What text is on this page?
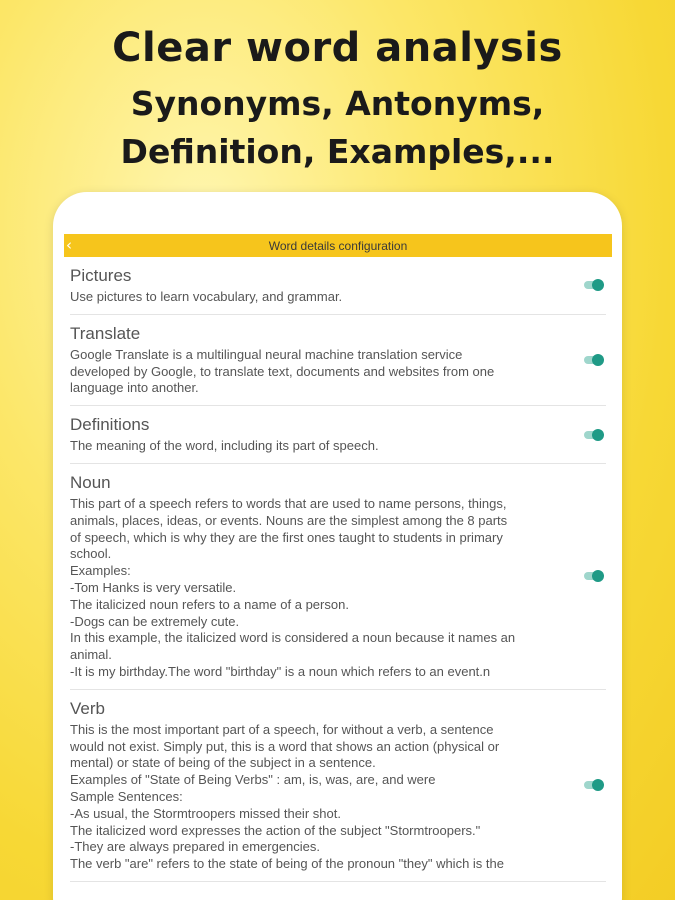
Clear word analysis
Synonyms, Antonyms,
Definition, Examples,...
‹	Word details configuration
Pictures
Use pictures to learn vocabulary, and grammar.
Translate
Google Translate is a multilingual neural machine translation service
developed by Google, to translate text, documents and websites from one
language into another.
Definitions
The meaning of the word, including its part of speech.
Noun
This part of a speech refers to words that are used to name persons, things,
animals, places, ideas, or events. Nouns are the simplest among the 8 parts
of speech, which is why they are the first ones taught to students in primary
school.
Examples:
-Tom Hanks is very versatile.
The italicized noun refers to a name of a person.
-Dogs can be extremely cute.
In this example, the italicized word is considered a noun because it names an
animal.
-It is my birthday.The word "birthday" is a noun which refers to an event.n
Verb
This is the most important part of a speech, for without a verb, a sentence
would not exist. Simply put, this is a word that shows an action (physical or
mental) or state of being of the subject in a sentence.
Examples of "State of Being Verbs" : am, is, was, are, and were
Sample Sentences:
-As usual, the Stormtroopers missed their shot.
The italicized word expresses the action of the subject "Stormtroopers."
-They are always prepared in emergencies.
The verb "are" refers to the state of being of the pronoun "they" which is the
